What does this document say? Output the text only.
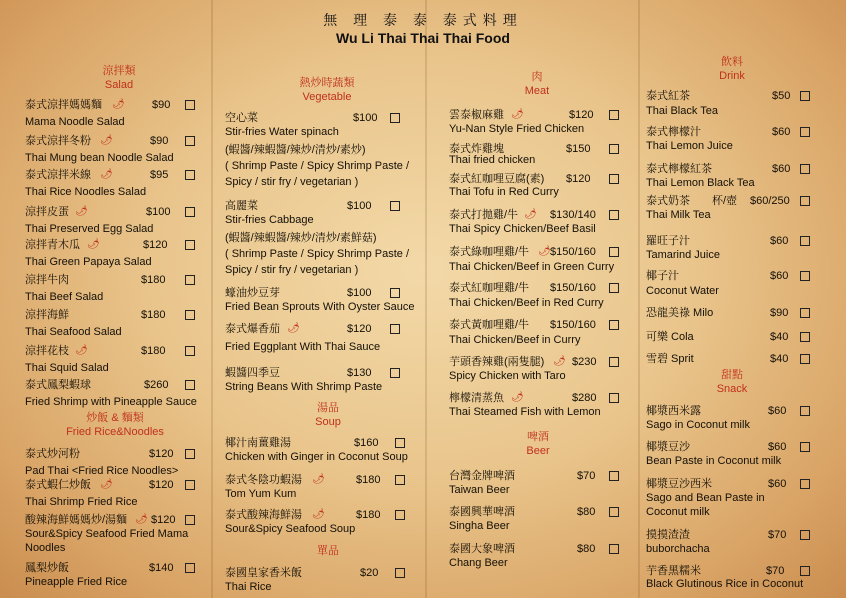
無 理 泰 泰 泰式料理
Wu Li Thai Thai Thai Food
涼拌類
Salad
泰式涼拌媽媽麵 🌶 $90
Mama Noodle Salad
泰式涼拌冬粉 🌶	$90
Thai Mung bean Noodle Salad
泰式涼拌米線 🌶	$95
Thai Rice Noodles Salad
涼拌皮蛋 🌶	$100
Thai Preserved Egg Salad
涼拌青木瓜 🌶	$120
Thai Green Papaya Salad
涼拌牛肉	$180
Thai Beef Salad
涼拌海鮮	$180
Thai Seafood Salad
涼拌花枝 🌶	$180
Thai Squid Salad
泰式鳳梨蝦球	$260
Fried Shrimp with Pineapple Sauce
炒飯 & 麵類
Fried Rice&Noodles
泰式炒河粉	$120
Pad Thai <Fried Rice Noodles>
泰式蝦仁炒飯 🌶	$120
Thai Shrimp Fried Rice
酸辣海鮮媽媽炒/湯麵 🌶 $120
Sour&Spicy Seafood Fried Mama
Noodles
鳳梨炒飯	$140
Pineapple Fried Rice
熱炒時蔬類
Vegetable
空心菜	$100
Stir-fries Water spinach
(蝦醬/辣蝦醬/辣炒/清炒/素炒)
( Shrimp Paste / Spicy Shrimp Paste /
Spicy / stir fry / vegetarian )
高麗菜	$100
Stir-fries Cabbage
(蝦醬/辣蝦醬/辣炒/清炒/素鮮菇)
( Shrimp Paste / Spicy Shrimp Paste /
Spicy / stir fry / vegetarian )
蠔油炒豆芽	$100
Fried Bean Sprouts With Oyster Sauce
泰式爆香茄 🌶	$120
Fried Eggplant With Thai Sauce
蝦醬四季豆	$130
String Beans With Shrimp Paste
湯品
Soup
椰汁南薑雞湯	$160
Chicken with Ginger in Coconut Soup
泰式冬陰功蝦湯 🌶	$180
Tom Yum Kum
泰式酸辣海鮮湯 🌶	$180
Sour&Spicy Seafood Soup
單品
泰國皇家香米飯	$20
Thai Rice
肉
Meat
雲泰椒麻雞 🌶	$120
Yu-Nan Style Fried Chicken
泰式炸雞塊	$150
Thai fried chicken
泰式紅咖哩豆腐(素) $120
Thai Tofu in Red Curry
泰式打拋雞/牛 🌶 $130/140
Thai Spicy Chicken/Beef Basil
泰式綠咖哩雞/牛 🌶 $150/160
Thai Chicken/Beef in Green Curry
泰式紅咖哩雞/牛 $150/160
Thai Chicken/Beef in Red Curry
泰式黃咖哩雞/牛 $150/160
Thai Chicken/Beef in Curry
芋頭香辣雞(兩隻腿) 🌶 $230
Spicy Chicken with Taro
檸檬清蒸魚 🌶	$280
Thai Steamed Fish with Lemon
啤酒
Beer
台灣金牌啤酒	$70
Taiwan Beer
泰國興華啤酒	$80
Singha Beer
泰國大象啤酒	$80
Chang Beer
飲料
Drink
泰式紅茶	$50
Thai Black Tea
泰式檸檬汁	$60
Thai Lemon Juice
泰式檸檬紅茶	$60
Thai Lemon Black Tea
泰式奶茶 杯/壺 $60/250
Thai Milk Tea
羅旺子汁	$60
Tamarind Juice
椰子汁	$60
Coconut Water
恐龍美祿 Milo	$90
可樂 Cola	$40
雪碧 Sprit	$40
甜點
Snack
椰漿西米露	$60
Sago in Coconut milk
椰漿豆沙	$60
Bean Paste in Coconut milk
椰漿豆沙西米	$60
Sago and Bean Paste in
Coconut milk
摸摸渣渣	$70
buborchacha
芋香黑糯米	$70
Black Glutinous Rice in Coconut
